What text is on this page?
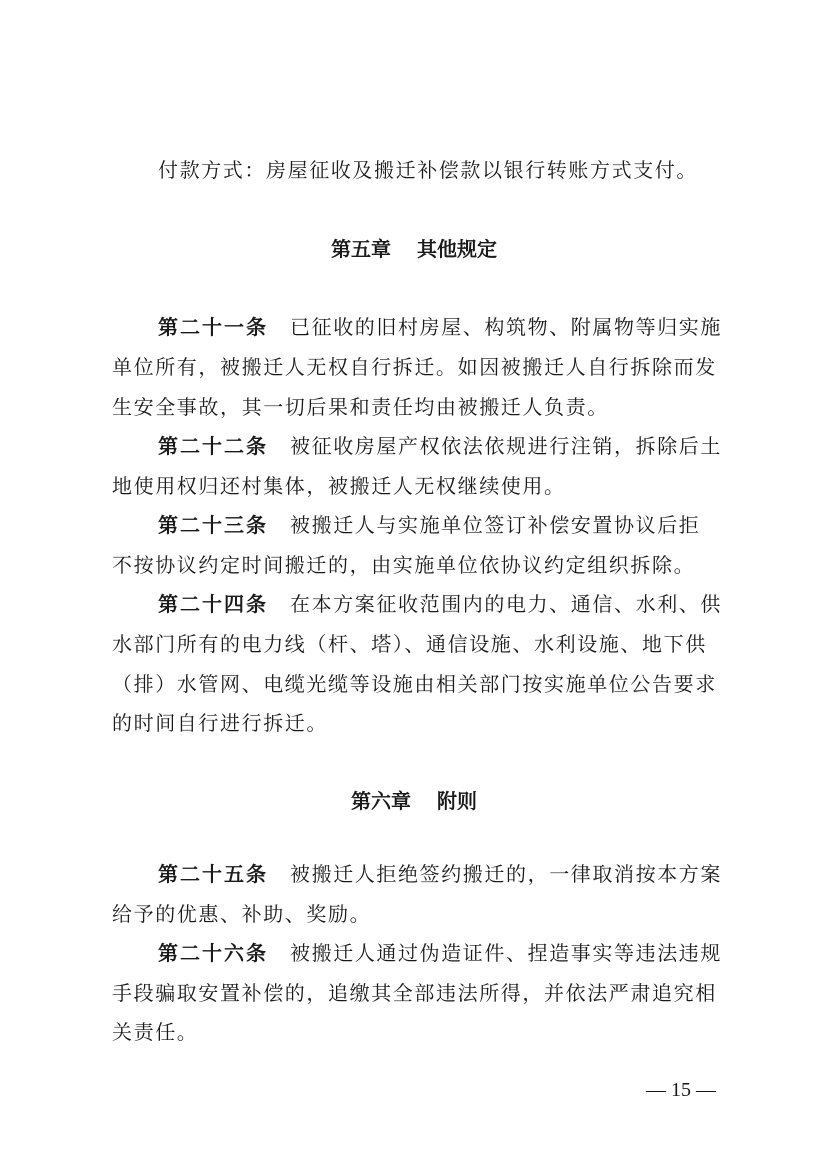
付款方式：房屋征收及搬迁补偿款以银行转账方式支付。

第五章 其他规定

第二十一条 已征收的旧村房屋、构筑物、附属物等归实施

单位所有，被搬迁人无权自行拆迁。如因被搬迁人自行拆除而发

生安全事故，其一切后果和责任均由被搬迁人负责。

第二十二条 被征收房屋产权依法依规进行注销，拆除后土

地使用权归还村集体，被搬迁人无权继续使用。

第二十三条 被搬迁人与实施单位签订补偿安置协议后拒

不按协议约定时间搬迁的，由实施单位依协议约定组织拆除。

第二十四条 在本方案征收范围内的电力、通信、水利、供

水部门所有的电力线（杆、塔）、通信设施、水利设施、地下供

（排）水管网、电缆光缆等设施由相关部门按实施单位公告要求

的时间自行进行拆迁。

第六章 附则

第二十五条 被搬迁人拒绝签约搬迁的，一律取消按本方案

给予的优惠、补助、奖励。

第二十六条 被搬迁人通过伪造证件、捏造事实等违法违规

手段骗取安置补偿的，追缴其全部违法所得，并依法严肃追究相

关责任。

— 15 —
